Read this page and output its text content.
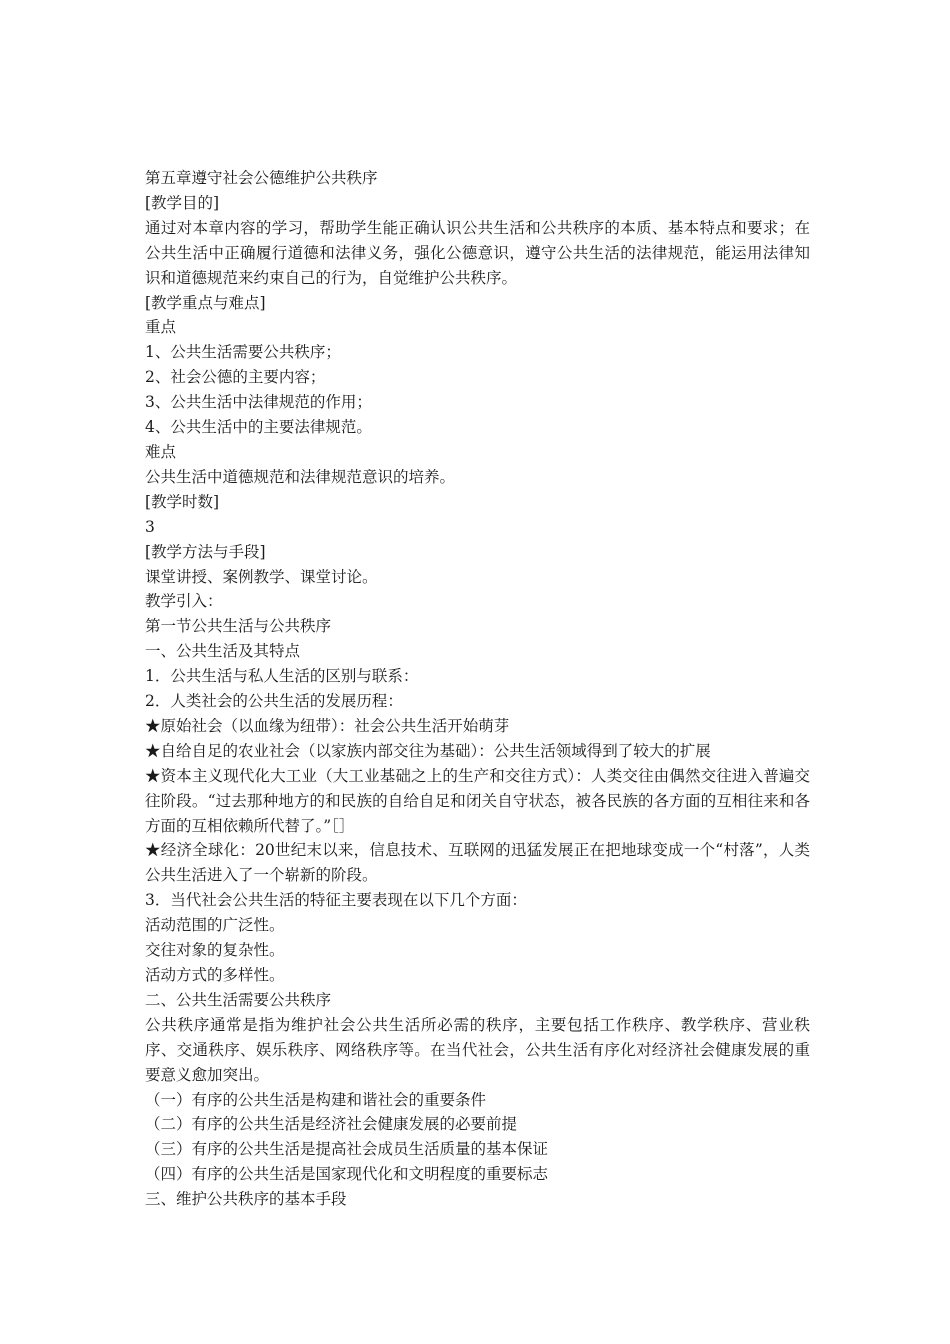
第五章遵守社会公德维护公共秩序

[教学目的]

通过对本章内容的学习，帮助学生能正确认识公共生活和公共秩序的本质、基本特点和要求；在公共生活中正确履行道德和法律义务，强化公德意识，遵守公共生活的法律规范，能运用法律知识和道德规范来约束自己的行为，自觉维护公共秩序。

[教学重点与难点]

重点

1、公共生活需要公共秩序；

2、社会公德的主要内容；

3、公共生活中法律规范的作用；

4、公共生活中的主要法律规范。

难点

公共生活中道德规范和法律规范意识的培养。

[教学时数]

3

[教学方法与手段]

课堂讲授、案例教学、课堂讨论。

教学引入：

第一节公共生活与公共秩序

一、公共生活及其特点

1．公共生活与私人生活的区别与联系：

2．人类社会的公共生活的发展历程：

★原始社会（以血缘为纽带）：社会公共生活开始萌芽

★自给自足的农业社会（以家族内部交往为基础）：公共生活领域得到了较大的扩展

★资本主义现代化大工业（大工业基础之上的生产和交往方式）：人类交往由偶然交往进入普遍交往阶段。“过去那种地方的和民族的自给自足和闭关自守状态，被各民族的各方面的互相往来和各方面的互相依赖所代替了。”［］

★经济全球化：20世纪末以来，信息技术、互联网的迅猛发展正在把地球变成一个“村落”，人类公共生活进入了一个崭新的阶段。

3．当代社会公共生活的特征主要表现在以下几个方面：

活动范围的广泛性。

交往对象的复杂性。

活动方式的多样性。

二、公共生活需要公共秩序

公共秩序通常是指为维护社会公共生活所必需的秩序，主要包括工作秩序、教学秩序、营业秩序、交通秩序、娱乐秩序、网络秩序等。在当代社会，公共生活有序化对经济社会健康发展的重要意义愈加突出。

（一）有序的公共生活是构建和谐社会的重要条件

（二）有序的公共生活是经济社会健康发展的必要前提

（三）有序的公共生活是提高社会成员生活质量的基本保证

（四）有序的公共生活是国家现代化和文明程度的重要标志

三、维护公共秩序的基本手段
